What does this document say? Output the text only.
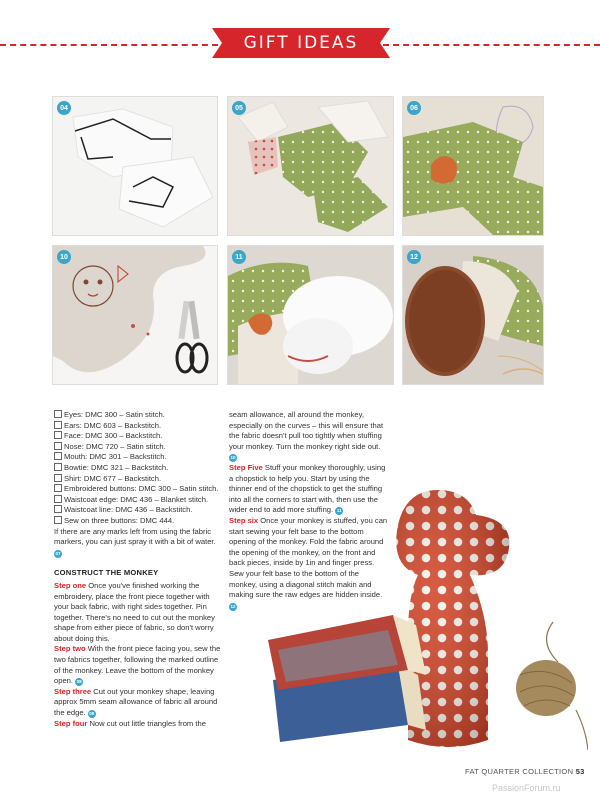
GIFT IDEAS
04	05	06
10	11	12

Eyes: DMC 300 – Satin stitch.

Ears: DMC 603 – Backstitch.

Face: DMC 300 – Backstitch.

Nose: DMC 720 – Satin stitch.

Mouth: DMC 301 – Backstitch.

Bowtie: DMC 321 – Backstitch.

Shirt: DMC 677 – Backstitch.

Embroidered buttons: DMC 300 – Satin stitch.

Waistcoat edge: DMC 436 – Blanket stitch.

Waistcoat line: DMC 436 – Backstitch.

Sew on three buttons: DMC 444.

If there are any marks left from using the fabric markers, you can just spray it with a bit of water. 07

CONSTRUCT THE MONKEY

Step one Once you've finished working the embroidery, place the front piece together with your back fabric, with right sides together. Pin together. There's no need to cut out the monkey shape from either piece of fabric, so don't worry about doing this.

Step two With the front piece facing you, sew the two fabrics together, following the marked outline of the monkey. Leave the bottom of the monkey open. 08

Step three Cut out your monkey shape, leaving approx 5mm seam allowance of fabric all around the edge. 09

Step four Now cut out little triangles from the

seam allowance, all around the monkey, especially on the curves – this will ensure that the fabric doesn't pull too tightly when stuffing your monkey. Turn the monkey right side out. 10

Step Five Stuff your monkey thoroughly, using a chopstick to help you. Start by using the thinner end of the chopstick to get the stuffing into all the corners to start with, then use the wider end to add more stuffing. 11

Step six Once your monkey is stuffed, you can start sewing your felt base to the bottom opening of the monkey. Fold the fabric around the opening of the monkey, on the front and back pieces, inside by 1in and finger press. Sew your felt base to the bottom of the monkey, using a diagonal stitch makin and making sure the raw edges are hidden inside. 12

FAT QUARTER COLLECTION 53
PassionForum.ru
